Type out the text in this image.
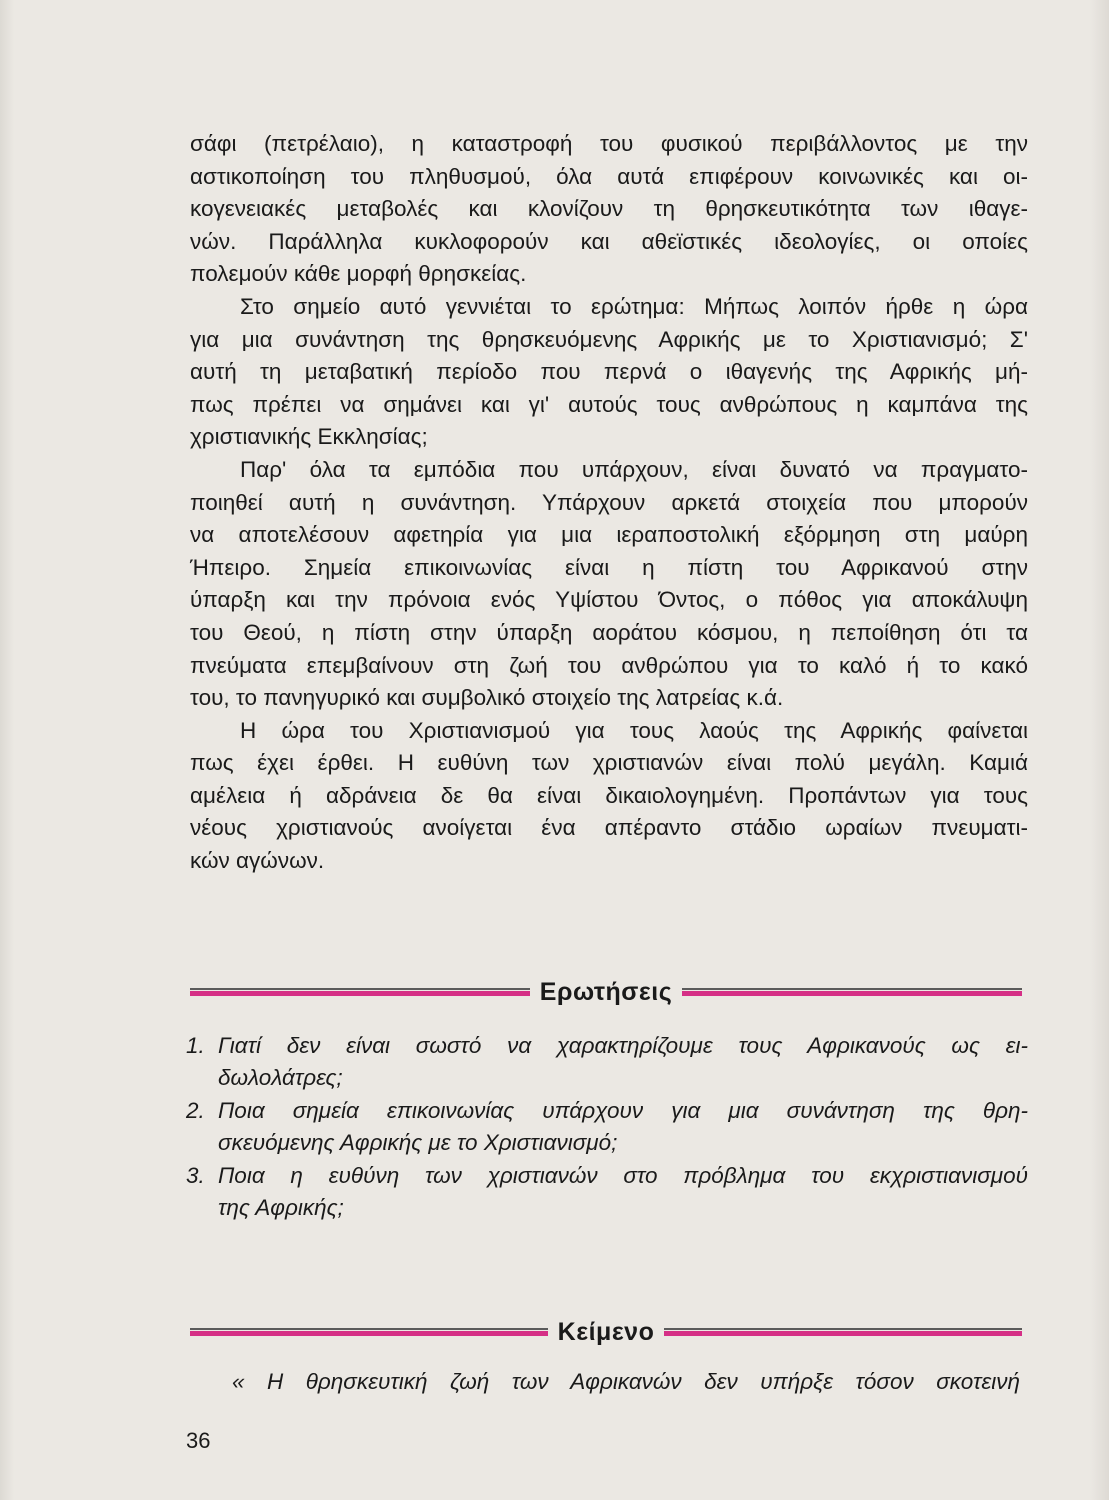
σάφι (πετρέλαιο), η καταστροφή του φυσικού περιβάλλοντος με την
αστικοποίηση του πληθυσμού, όλα αυτά επιφέρουν κοινωνικές και οι-
κογενειακές μεταβολές και κλονίζουν τη θρησκευτικότητα των ιθαγε-
νών. Παράλληλα κυκλοφορούν και αθεϊστικές ιδεολογίες, οι οποίες
πολεμούν κάθε μορφή θρησκείας.

Στο σημείο αυτό γεννιέται το ερώτημα: Μήπως λοιπόν ήρθε η ώρα
για μια συνάντηση της θρησκευόμενης Αφρικής με το Χριστιανισμό; Σ'
αυτή τη μεταβατική περίοδο που περνά ο ιθαγενής της Αφρικής μή-
πως πρέπει να σημάνει και γι' αυτούς τους ανθρώπους η καμπάνα της
χριστιανικής Εκκλησίας;

Παρ' όλα τα εμπόδια που υπάρχουν, είναι δυνατό να πραγματο-
ποιηθεί αυτή η συνάντηση. Υπάρχουν αρκετά στοιχεία που μπορούν
να αποτελέσουν αφετηρία για μια ιεραποστολική εξόρμηση στη μαύρη
Ήπειρο. Σημεία επικοινωνίας είναι η πίστη του Αφρικανού στην
ύπαρξη και την πρόνοια ενός Υψίστου Όντος, ο πόθος για αποκάλυψη
του Θεού, η πίστη στην ύπαρξη αοράτου κόσμου, η πεποίθηση ότι τα
πνεύματα επεμβαίνουν στη ζωή του ανθρώπου για το καλό ή το κακό
του, το πανηγυρικό και συμβολικό στοιχείο της λατρείας κ.ά.

Η ώρα του Χριστιανισμού για τους λαούς της Αφρικής φαίνεται
πως έχει έρθει. Η ευθύνη των χριστιανών είναι πολύ μεγάλη. Καμιά
αμέλεια ή αδράνεια δε θα είναι δικαιολογημένη. Προπάντων για τους
νέους χριστιανούς ανοίγεται ένα απέραντο στάδιο ωραίων πνευματι-
κών αγώνων.

Ερωτήσεις
1. Γιατί δεν είναι σωστό να χαρακτηρίζουμε τους Αφρικανούς ως ει-
δωλολάτρες;
2. Ποια σημεία επικοινωνίας υπάρχουν για μια συνάντηση της θρη-
σκευόμενης Αφρικής με το Χριστιανισμό;
3. Ποια η ευθύνη των χριστιανών στο πρόβλημα του εκχριστιανισμού
της Αφρικής;
Κείμενο
« Η θρησκευτική ζωή των Αφρικανών δεν υπήρξε τόσον σκοτεινή
36
